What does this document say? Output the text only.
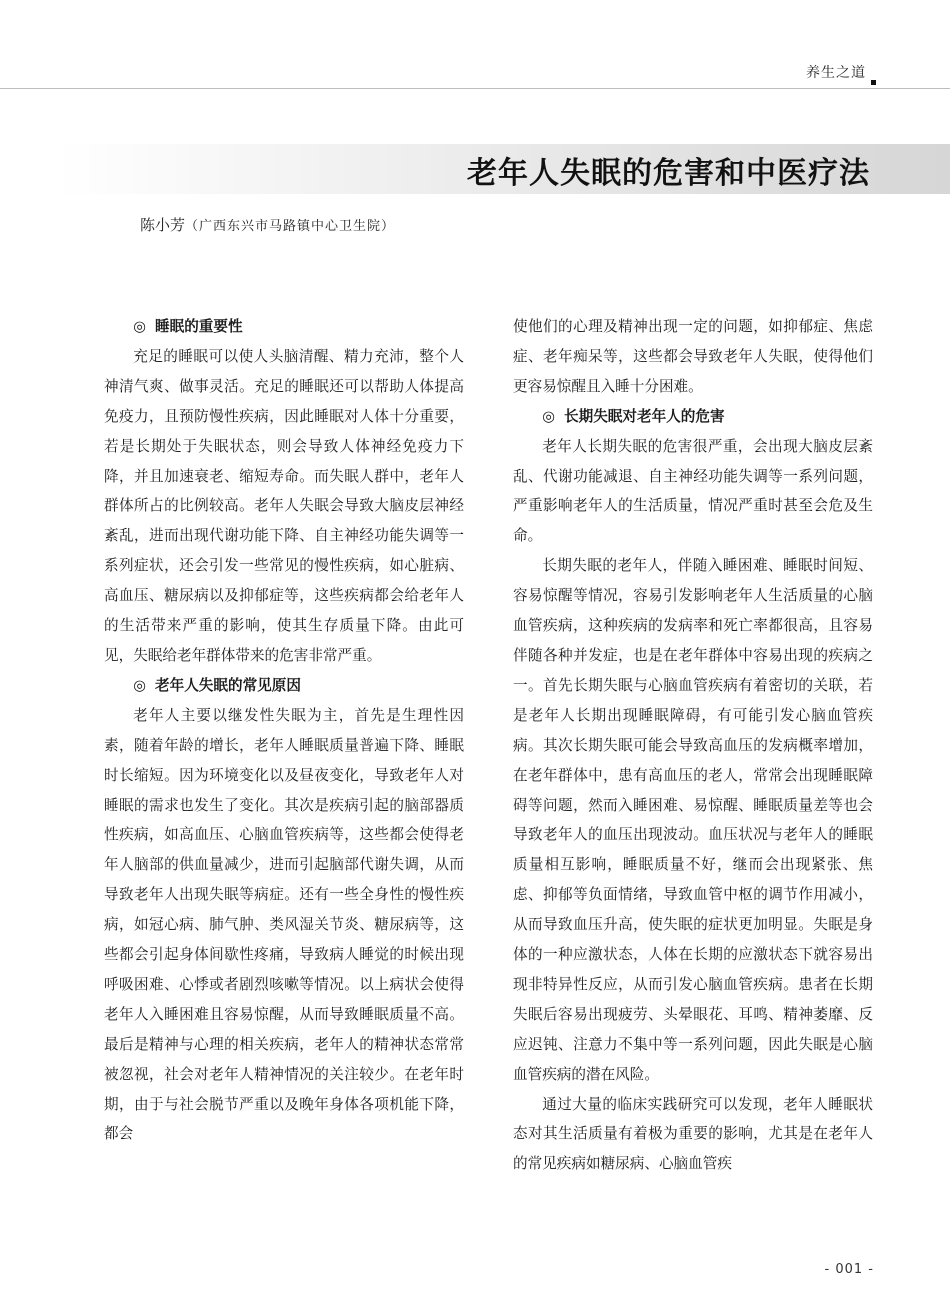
养生之道
老年人失眠的危害和中医疗法
陈小芳（广西东兴市马路镇中心卫生院）
◎ 睡眠的重要性

充足的睡眠可以使人头脑清醒、精力充沛，整个人神清气爽、做事灵活。充足的睡眠还可以帮助人体提高免疫力，且预防慢性疾病，因此睡眠对人体十分重要，若是长期处于失眠状态，则会导致人体神经免疫力下降，并且加速衰老、缩短寿命。而失眠人群中，老年人群体所占的比例较高。老年人失眠会导致大脑皮层神经紊乱，进而出现代谢功能下降、自主神经功能失调等一系列症状，还会引发一些常见的慢性疾病，如心脏病、高血压、糖尿病以及抑郁症等，这些疾病都会给老年人的生活带来严重的影响，使其生存质量下降。由此可见，失眠给老年群体带来的危害非常严重。

◎ 老年人失眠的常见原因

老年人主要以继发性失眠为主，首先是生理性因素，随着年龄的增长，老年人睡眠质量普遍下降、睡眠时长缩短。因为环境变化以及昼夜变化，导致老年人对睡眠的需求也发生了变化。其次是疾病引起的脑部器质性疾病，如高血压、心脑血管疾病等，这些都会使得老年人脑部的供血量减少，进而引起脑部代谢失调，从而导致老年人出现失眠等病症。还有一些全身性的慢性疾病，如冠心病、肺气肿、类风湿关节炎、糖尿病等，这些都会引起身体间歇性疼痛，导致病人睡觉的时候出现呼吸困难、心悸或者剧烈咳嗽等情况。以上病状会使得老年人入睡困难且容易惊醒，从而导致睡眠质量不高。最后是精神与心理的相关疾病，老年人的精神状态常常被忽视，社会对老年人精神情况的关注较少。在老年时期，由于与社会脱节严重以及晚年身体各项机能下降，都会

使他们的心理及精神出现一定的问题，如抑郁症、焦虑症、老年痴呆等，这些都会导致老年人失眠，使得他们更容易惊醒且入睡十分困难。

◎ 长期失眠对老年人的危害

老年人长期失眠的危害很严重，会出现大脑皮层紊乱、代谢功能减退、自主神经功能失调等一系列问题，严重影响老年人的生活质量，情况严重时甚至会危及生命。

长期失眠的老年人，伴随入睡困难、睡眠时间短、容易惊醒等情况，容易引发影响老年人生活质量的心脑血管疾病，这种疾病的发病率和死亡率都很高，且容易伴随各种并发症，也是在老年群体中容易出现的疾病之一。首先长期失眠与心脑血管疾病有着密切的关联，若是老年人长期出现睡眠障碍，有可能引发心脑血管疾病。其次长期失眠可能会导致高血压的发病概率增加，在老年群体中，患有高血压的老人，常常会出现睡眠障碍等问题，然而入睡困难、易惊醒、睡眠质量差等也会导致老年人的血压出现波动。血压状况与老年人的睡眠质量相互影响，睡眠质量不好，继而会出现紧张、焦虑、抑郁等负面情绪，导致血管中枢的调节作用减小，从而导致血压升高，使失眠的症状更加明显。失眠是身体的一种应激状态，人体在长期的应激状态下就容易出现非特异性反应，从而引发心脑血管疾病。患者在长期失眠后容易出现疲劳、头晕眼花、耳鸣、精神萎靡、反应迟钝、注意力不集中等一系列问题，因此失眠是心脑血管疾病的潜在风险。

通过大量的临床实践研究可以发现，老年人睡眠状态对其生活质量有着极为重要的影响，尤其是在老年人的常见疾病如糖尿病、心脑血管疾

- 001 -
